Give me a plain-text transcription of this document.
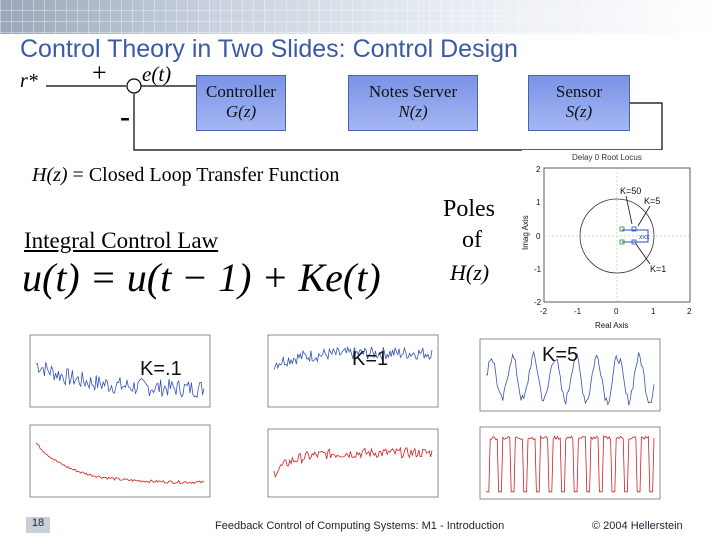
Control Theory in Two Slides: Control Design
r* +
-
e(t)
Controller
G(z)
Notes Server
N(z)
Sensor
S(z)
H(z) = Closed Loop Transfer Function
Integral Control Law
u(t) = u(t − 1) + Ke(t)
Poles
of
H(z)
Delay 0 Root Locus
xxx
K=50
K=5
K=1
2
1
0
-1
-2
-2	-1	0	1	2
Real Axis
Imag Axis
K=.1	K=1	K=5
18	Feedback Control of Computing Systems: M1 - Introduction	© 2004 Hellerstein
